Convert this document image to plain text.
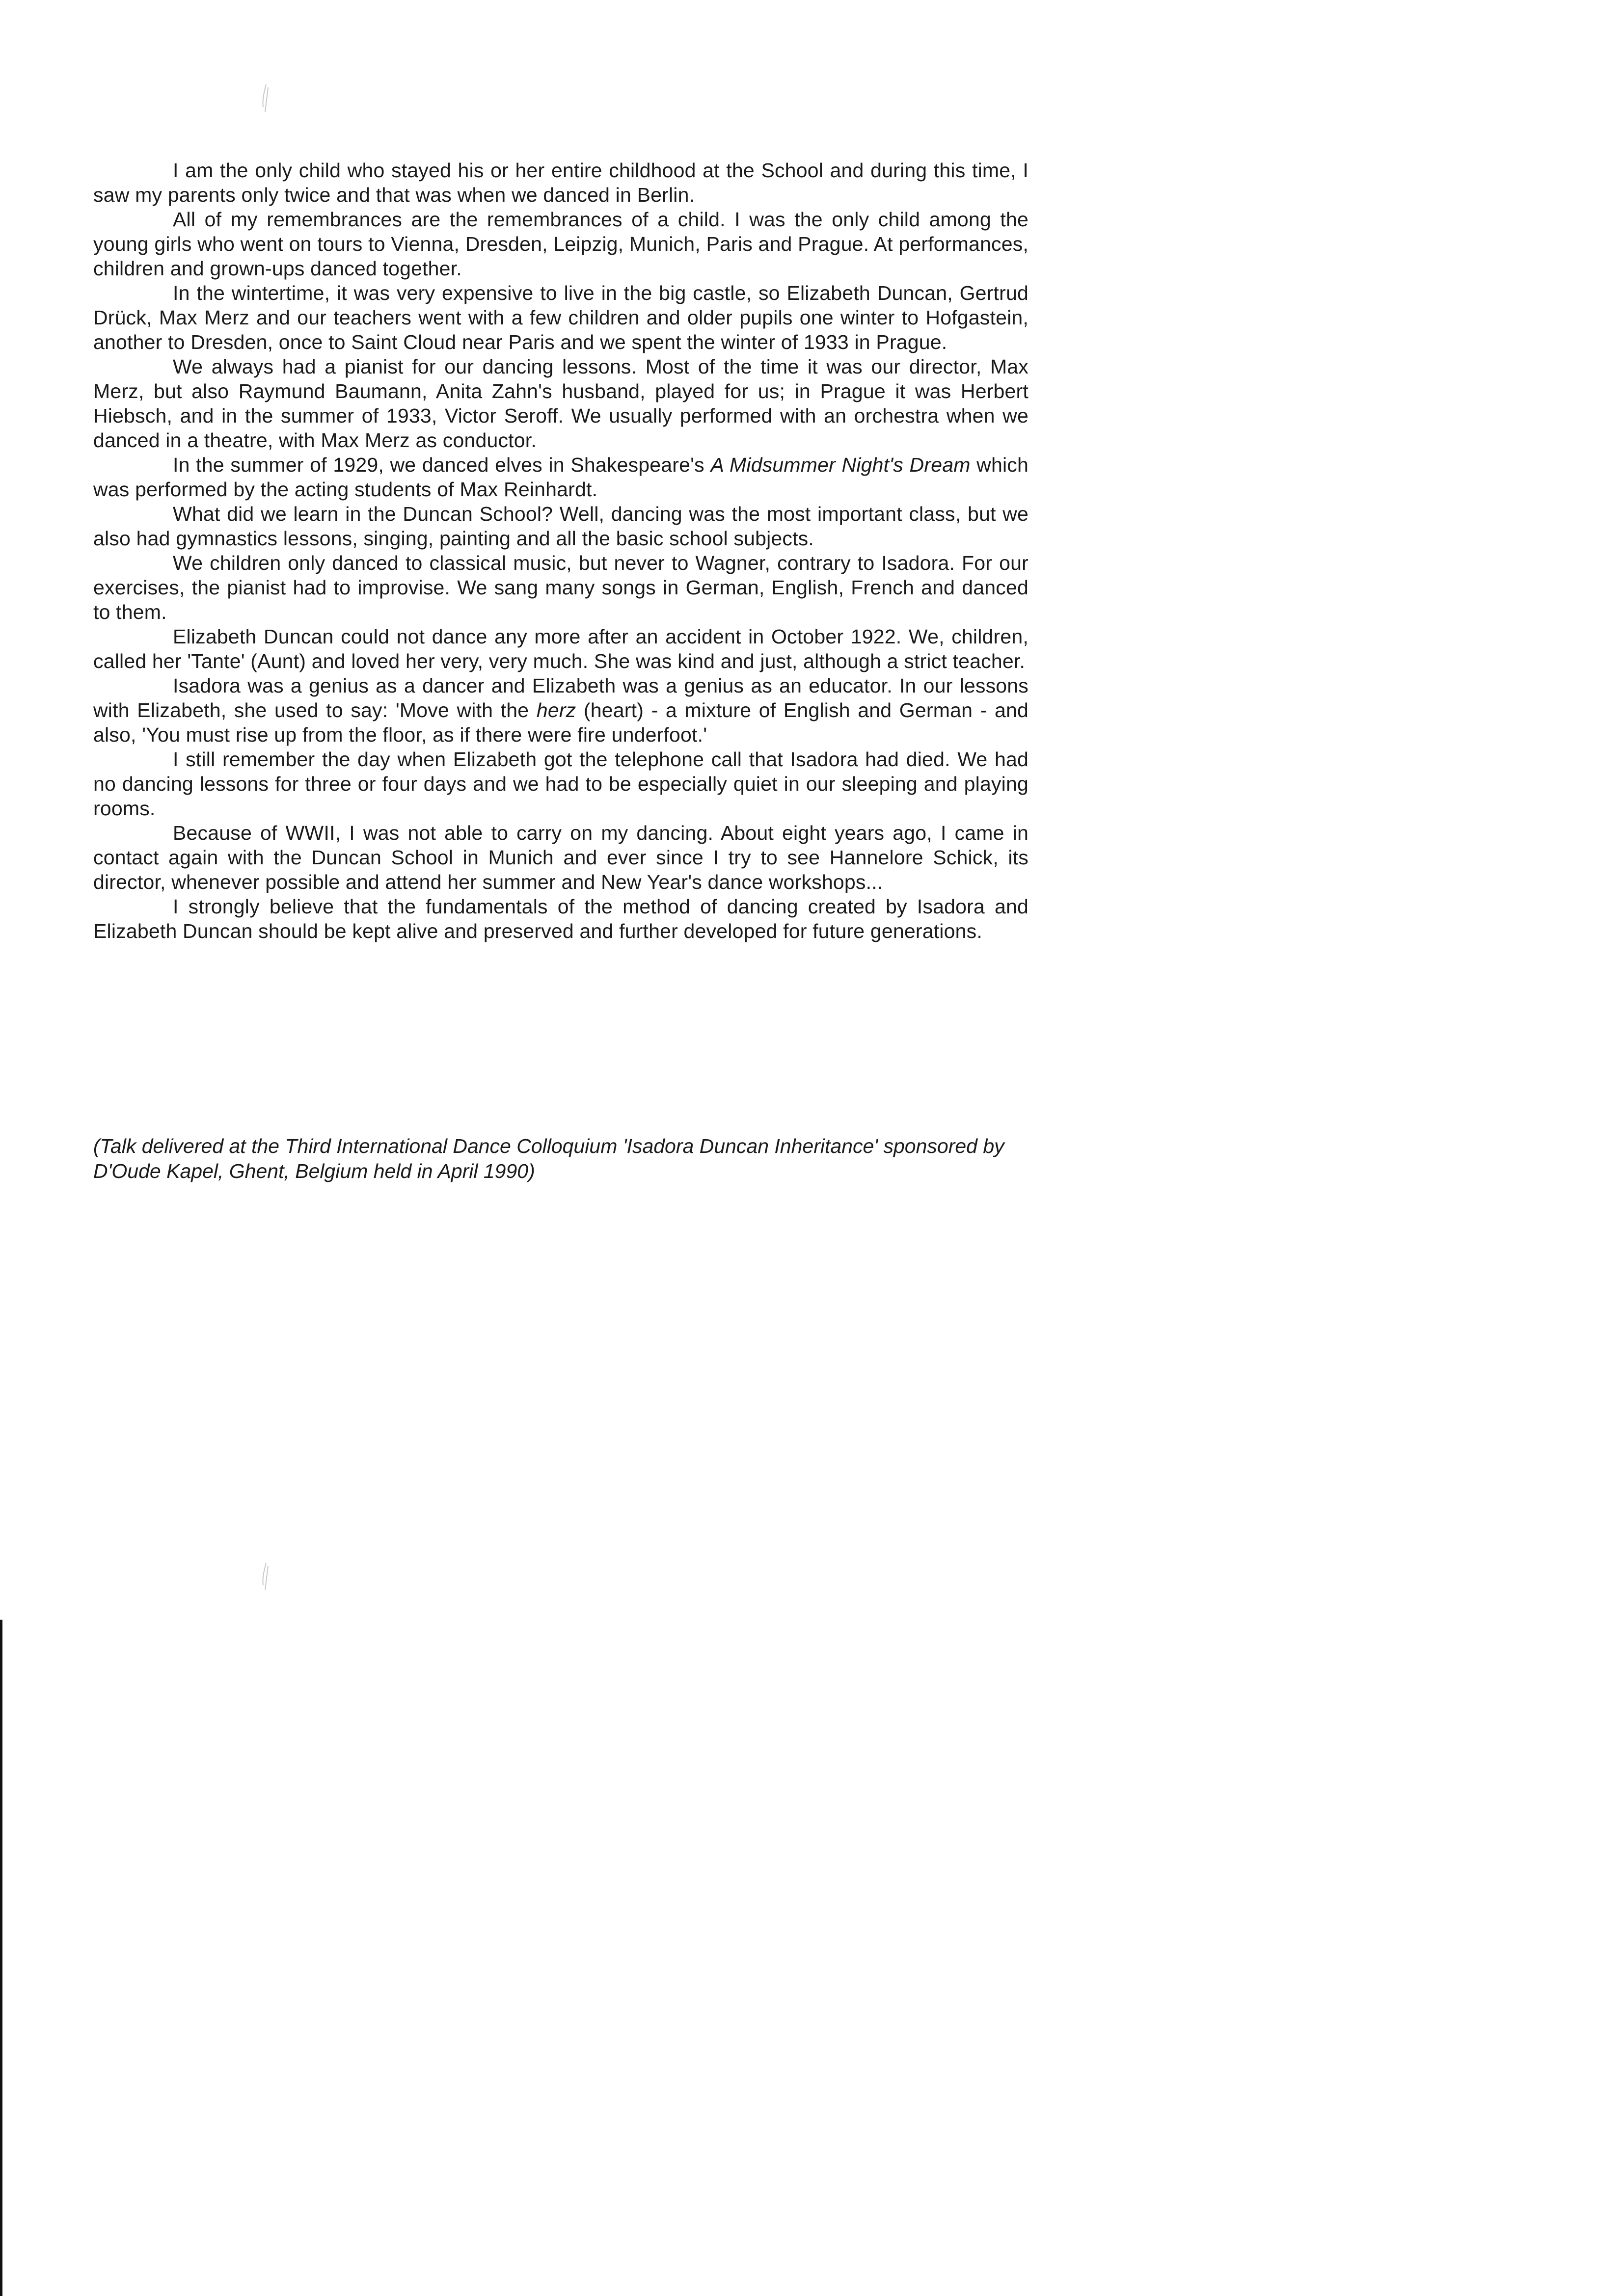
I am the only child who stayed his or her entire childhood at the School and during this time, I saw my parents only twice and that was when we danced in Berlin.

All of my remembrances are the remembrances of a child. I was the only child among the young girls who went on tours to Vienna, Dresden, Leipzig, Munich, Paris and Prague. At performances, children and grown-ups danced together.

In the wintertime, it was very expensive to live in the big castle, so Elizabeth Duncan, Gertrud Drück, Max Merz and our teachers went with a few children and older pupils one winter to Hofgastein, another to Dresden, once to Saint Cloud near Paris and we spent the winter of 1933 in Prague.

We always had a pianist for our dancing lessons. Most of the time it was our director, Max Merz, but also Raymund Baumann, Anita Zahn's husband, played for us; in Prague it was Herbert Hiebsch, and in the summer of 1933, Victor Seroff. We usually performed with an orchestra when we danced in a theatre, with Max Merz as conductor.

In the summer of 1929, we danced elves in Shakespeare's A Midsummer Night's Dream which was performed by the acting students of Max Reinhardt.

What did we learn in the Duncan School? Well, dancing was the most important class, but we also had gymnastics lessons, singing, painting and all the basic school subjects.

We children only danced to classical music, but never to Wagner, contrary to Isadora. For our exercises, the pianist had to improvise. We sang many songs in German, English, French and danced to them.

Elizabeth Duncan could not dance any more after an accident in October 1922. We, children, called her 'Tante' (Aunt) and loved her very, very much. She was kind and just, although a strict teacher.

Isadora was a genius as a dancer and Elizabeth was a genius as an educator. In our lessons with Elizabeth, she used to say: 'Move with the herz (heart) - a mixture of English and German - and also, 'You must rise up from the floor, as if there were fire underfoot.'

I still remember the day when Elizabeth got the telephone call that Isadora had died. We had no dancing lessons for three or four days and we had to be especially quiet in our sleeping and playing rooms.

Because of WWII, I was not able to carry on my dancing. About eight years ago, I came in contact again with the Duncan School in Munich and ever since I try to see Hannelore Schick, its director, whenever possible and attend her summer and New Year's dance workshops...

I strongly believe that the fundamentals of the method of dancing created by Isadora and Elizabeth Duncan should be kept alive and preserved and further developed for future generations.

(Talk delivered at the Third International Dance Colloquium 'Isadora Duncan Inheritance' sponsored by D'Oude Kapel, Ghent, Belgium held in April 1990)
